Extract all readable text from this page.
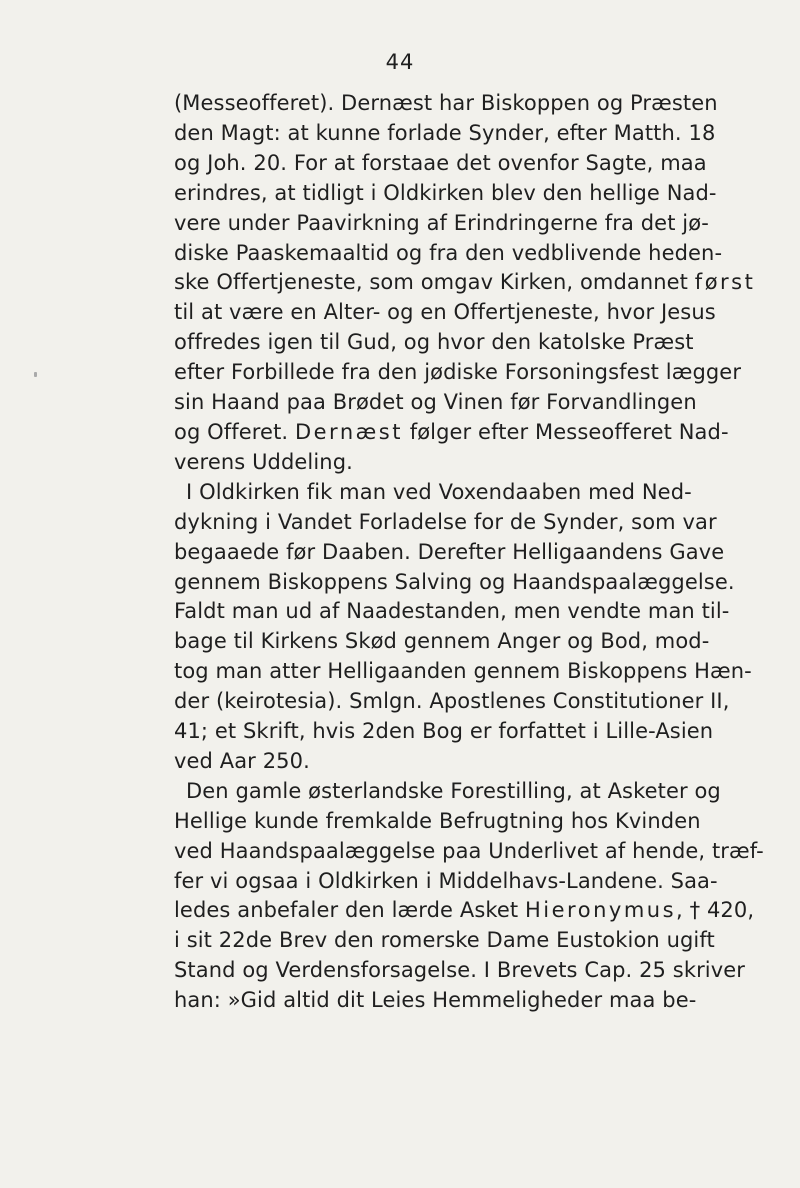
44
(Messeofferet). Dernæst har Biskoppen og Præsten
den Magt: at kunne forlade Synder, efter Matth. 18
og Joh. 20. For at forstaae det ovenfor Sagte, maa
erindres, at tidligt i Oldkirken blev den hellige Nad-
vere under Paavirkning af Erindringerne fra det jø-
diske Paaskemaaltid og fra den vedblivende heden-
ske Offertjeneste, som omgav Kirken, omdannet først
til at være en Alter- og en Offertjeneste, hvor Jesus
offredes igen til Gud, og hvor den katolske Præst
efter Forbillede fra den jødiske Forsoningsfest lægger
sin Haand paa Brødet og Vinen før Forvandlingen
og Offeret. Dernæst følger efter Messeofferet Nad-
verens Uddeling.
I Oldkirken fik man ved Voxendaaben med Ned-
dykning i Vandet Forladelse for de Synder, som var
begaaede før Daaben. Derefter Helligaandens Gave
gennem Biskoppens Salving og Haandspaalæggelse.
Faldt man ud af Naadestanden, men vendte man til-
bage til Kirkens Skød gennem Anger og Bod, mod-
tog man atter Helligaanden gennem Biskoppens Hæn-
der (keirotesia). Smlgn. Apostlenes Constitutioner II,
41; et Skrift, hvis 2den Bog er forfattet i Lille-Asien
ved Aar 250.
Den gamle østerlandske Forestilling, at Asketer og
Hellige kunde fremkalde Befrugtning hos Kvinden
ved Haandspaalæggelse paa Underlivet af hende, træf-
fer vi ogsaa i Oldkirken i Middelhavs-Landene. Saa-
ledes anbefaler den lærde Asket Hieronymus, † 420,
i sit 22de Brev den romerske Dame Eustokion ugift
Stand og Verdensforsagelse. I Brevets Cap. 25 skriver
han: »Gid altid dit Leies Hemmeligheder maa be-
